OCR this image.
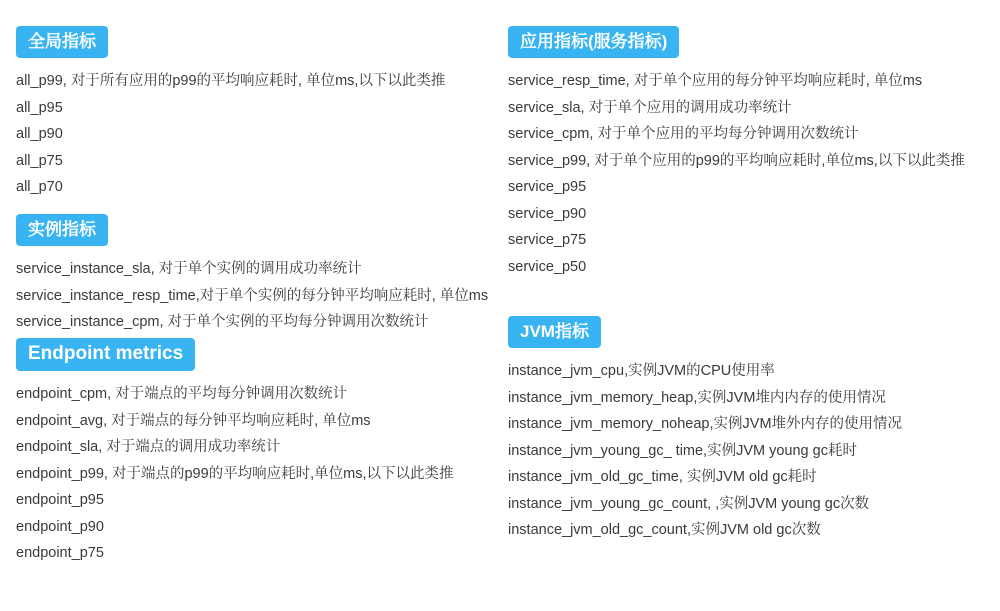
全局指标
all_p99, 对于所有应用的p99的平均响应耗时, 单位ms,以下以此类推
all_p95
all_p90
all_p75
all_p70
实例指标
service_instance_sla, 对于单个实例的调用成功率统计
service_instance_resp_time,对于单个实例的每分钟平均响应耗时, 单位ms
service_instance_cpm, 对于单个实例的平均每分钟调用次数统计
Endpoint metrics
endpoint_cpm, 对于端点的平均每分钟调用次数统计
endpoint_avg, 对于端点的每分钟平均响应耗时, 单位ms
endpoint_sla, 对于端点的调用成功率统计
endpoint_p99, 对于端点的p99的平均响应耗时,单位ms,以下以此类推
endpoint_p95
endpoint_p90
endpoint_p75
应用指标(服务指标)
service_resp_time, 对于单个应用的每分钟平均响应耗时, 单位ms
service_sla, 对于单个应用的调用成功率统计
service_cpm, 对于单个应用的平均每分钟调用次数统计
service_p99, 对于单个应用的p99的平均响应耗时,单位ms,以下以此类推
service_p95
service_p90
service_p75
service_p50
JVM指标
instance_jvm_cpu,实例JVM的CPU使用率
instance_jvm_memory_heap,实例JVM堆内内存的使用情况
instance_jvm_memory_noheap,实例JVM堆外内存的使用情况
instance_jvm_young_gc_ time,实例JVM young gc耗时
instance_jvm_old_gc_time, 实例JVM old gc耗时
instance_jvm_young_gc_count, ,实例JVM young gc次数
instance_jvm_old_gc_count,实例JVM old gc次数
